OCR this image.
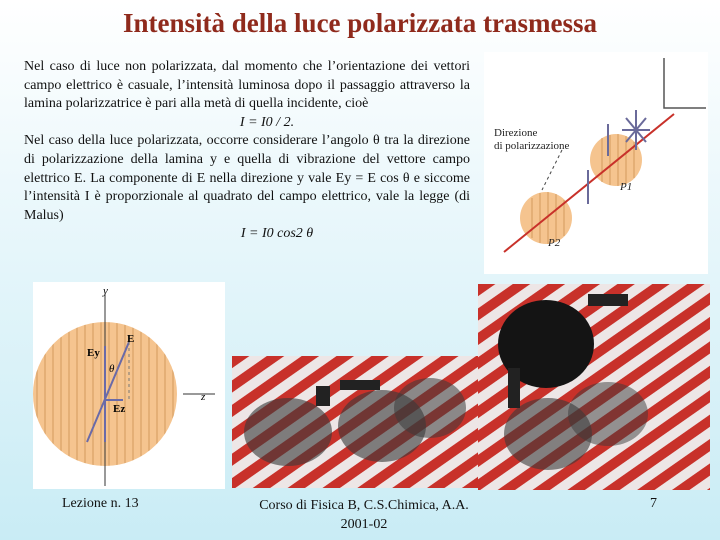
Intensità della luce polarizzata trasmessa

Nel caso di luce non polarizzata, dal momento che l’orientazione dei vettori campo elettrico è casuale, l’intensità luminosa dopo il passaggio attraverso la lamina polarizzatrice è pari alla metà di quella incidente, cioè

I = I0 / 2.

Nel caso della luce polarizzata, occorre considerare l’angolo θ tra la direzione di polarizzazione della lamina y e quella di vibrazione del vettore campo elettrico E. La componente di E nella direzione y vale Ey = E cos θ e siccome l’intensità I è proporzionale al quadrato del campo elettrico, vale la legge (di Malus)

I = I0 cos2 θ
Direzione
di polarizzazione
P1
P2
y
z
E
Ey
Ez
θ
Lezione n. 13	Corso di Fisica B, C.S.Chimica, A.A.
2001-02
7
